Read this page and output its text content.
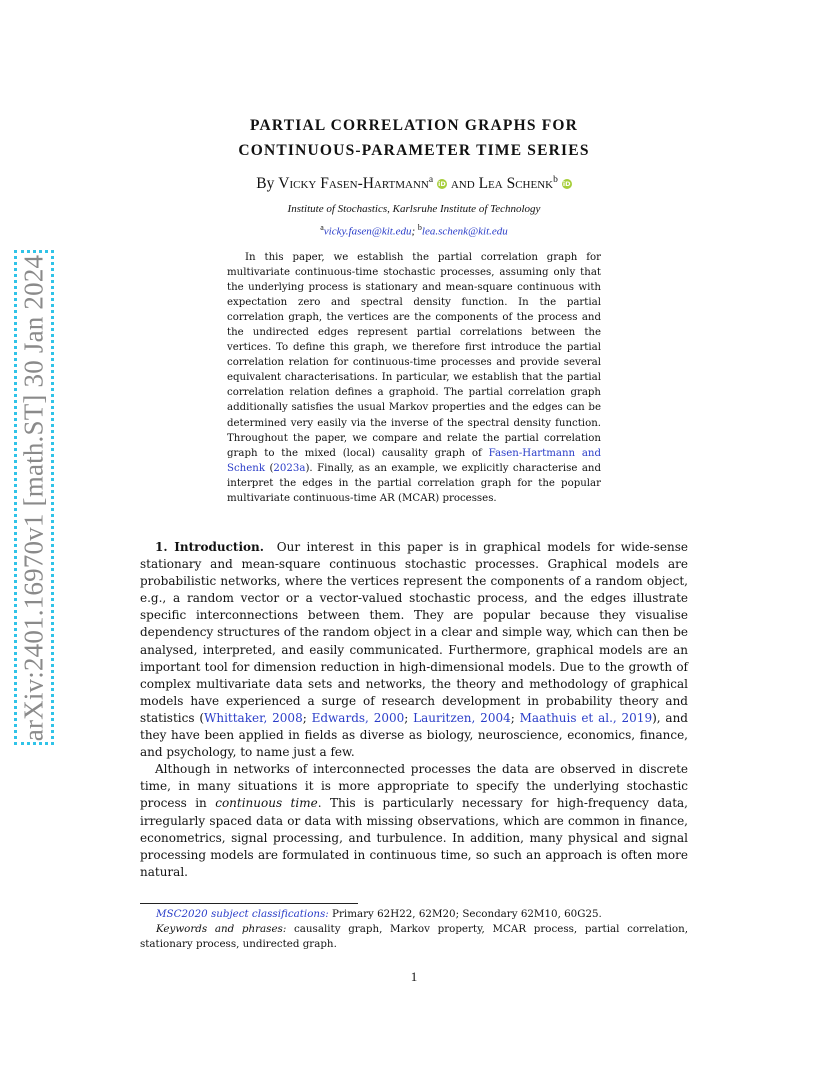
arXiv:2401.16970v1 [math.ST] 30 Jan 2024
PARTIAL CORRELATION GRAPHS FOR
CONTINUOUS-PARAMETER TIME SERIES
By Vicky Fasen-Hartmann$^a$ iD and Lea Schenk$^b$ iD
Institute of Stochastics, Karlsruhe Institute of Technology
$^a$vicky.fasen@kit.edu; $^b$lea.schenk@kit.edu

In this paper, we establish the partial correlation graph for multivariate continuous-time stochastic processes, assuming only that the underlying process is stationary and mean-square continuous with expectation zero and spectral density function. In the partial correlation graph, the vertices are the components of the process and the undirected edges represent partial correlations between the vertices. To define this graph, we therefore first introduce the partial correlation relation for continuous-time processes and provide several equivalent characterisations. In particular, we establish that the partial correlation relation defines a graphoid. The partial correlation graph additionally satisfies the usual Markov properties and the edges can be determined very easily via the inverse of the spectral density function. Throughout the paper, we compare and relate the partial correlation graph to the mixed (local) causality graph of Fasen-Hartmann and Schenk (2023a). Finally, as an example, we explicitly characterise and interpret the edges in the partial correlation graph for the popular multivariate continuous-time AR (MCAR) processes.

1. Introduction. Our interest in this paper is in graphical models for wide-sense stationary and mean-square continuous stochastic processes. Graphical models are probabilistic networks, where the vertices represent the components of a random object, e.g., a random vector or a vector-valued stochastic process, and the edges illustrate specific interconnections between them. They are popular because they visualise dependency structures of the random object in a clear and simple way, which can then be analysed, interpreted, and easily communicated. Furthermore, graphical models are an important tool for dimension reduction in high-dimensional models. Due to the growth of complex multivariate data sets and networks, the theory and methodology of graphical models have experienced a surge of research development in probability theory and statistics (Whittaker, 2008; Edwards, 2000; Lauritzen, 2004; Maathuis et al., 2019), and they have been applied in fields as diverse as biology, neuroscience, economics, finance, and psychology, to name just a few.

Although in networks of interconnected processes the data are observed in discrete time, in many situations it is more appropriate to specify the underlying stochastic process in continuous time. This is particularly necessary for high-frequency data, irregularly spaced data or data with missing observations, which are common in finance, econometrics, signal processing, and turbulence. In addition, many physical and signal processing models are formulated in continuous time, so such an approach is often more natural.

MSC2020 subject classifications: Primary 62H22, 62M20; Secondary 62M10, 60G25.

Keywords and phrases: causality graph, Markov property, MCAR process, partial correlation, stationary process, undirected graph.

1
